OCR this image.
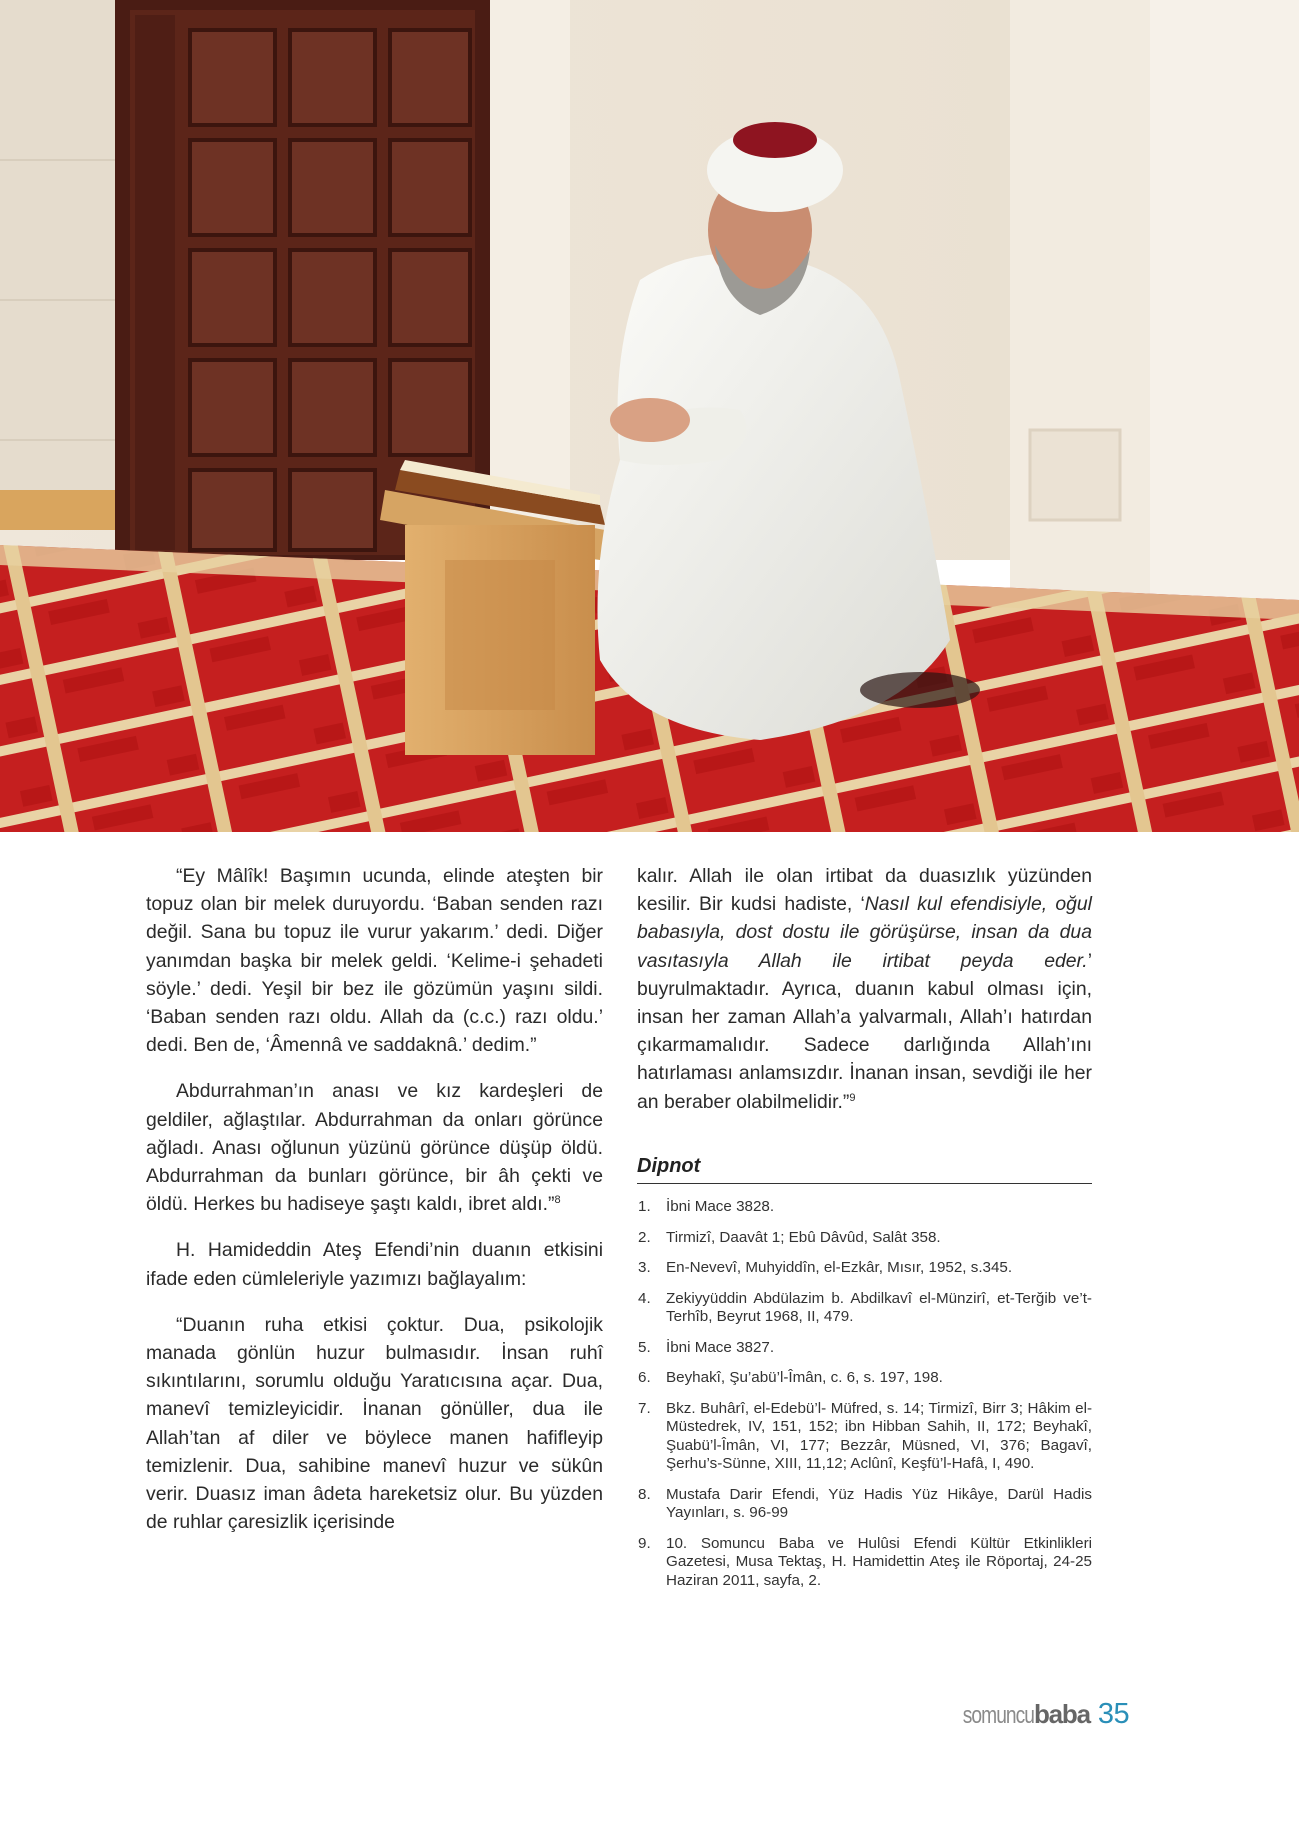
“Ey Mâlîk! Başımın ucunda, elinde ateşten bir topuz olan bir melek duruyordu. ‘Baban senden razı değil. Sana bu topuz ile vurur yakarım.’ dedi. Diğer yanımdan başka bir melek geldi. ‘Kelime-i şehadeti söyle.’ dedi. Yeşil bir bez ile gözümün yaşını sildi. ‘Baban senden razı oldu. Allah da (c.c.) razı oldu.’ dedi. Ben de, ‘Âmennâ ve saddaknâ.’ dedim.”

Abdurrahman’ın anası ve kız kardeşleri de geldiler, ağlaştılar. Abdurrahman da onları görünce ağladı. Anası oğlunun yüzünü görünce düşüp öldü. Abdurrahman da bunları görünce, bir âh çekti ve öldü. Herkes bu hadiseye şaştı kaldı, ibret aldı.”$^8$

H. Hamideddin Ateş Efendi’nin duanın etkisini ifade eden cümleleriyle yazımızı bağlayalım:

“Duanın ruha etkisi çoktur. Dua, psikolojik manada gönlün huzur bulmasıdır. İnsan ruhî sıkıntılarını, sorumlu olduğu Yaratıcısına açar. Dua, manevî temizleyicidir. İnanan gönüller, dua ile Allah’tan af diler ve böylece manen hafifleyip temizlenir. Dua, sahibine manevî huzur ve sükûn verir. Duasız iman âdeta hareketsiz olur. Bu yüzden de ruhlar çaresizlik içerisinde

kalır. Allah ile olan irtibat da duasızlık yüzünden kesilir. Bir kudsi hadiste, ‘Nasıl kul efendisiyle, oğul babasıyla, dost dostu ile görüşürse, insan da dua vasıtasıyla Allah ile irtibat peyda eder.’ buyrulmaktadır. Ayrıca, duanın kabul olması için, insan her zaman Allah’a yalvarmalı, Allah’ı hatırdan çıkarmamalıdır. Sadece darlığında Allah’ını hatırlaması anlamsızdır. İnanan insan, sevdiği ile her an beraber olabilmelidir.”$^9$

Dipnot
1. İbni Mace 3828.
2. Tirmizî, Daavât 1; Ebû Dâvûd, Salât 358.
3. En-Nevevî, Muhyiddîn, el-Ezkâr, Mısır, 1952, s.345.
4. Zekiyyüddin Abdülazim b. Abdilkavî el-Münzirî, et-Terğib ve’t-Terhîb, Beyrut 1968, II, 479.
5. İbni Mace 3827.
6. Beyhakî, Şu’abü’l-Îmân, c. 6, s. 197, 198.
7. Bkz. Buhârî, el-Edebü’l- Müfred, s. 14; Tirmizî, Birr 3; Hâkim el-Müstedrek, IV, 151, 152; ibn Hibban Sahih, II, 172; Beyhakî, Şuabü’l-Îmân, VI, 177; Bezzâr, Müsned, VI, 376; Bagavî, Şerhu’s-Sünne, XIII, 11,12; Aclûnî, Keşfü’l-Hafâ, I, 490.
8. Mustafa Darir Efendi, Yüz Hadis Yüz Hikâye, Darül Hadis Yayınları, s. 96-99
9. 10. Somuncu Baba ve Hulûsi Efendi Kültür Etkinlikleri Gazetesi, Musa Tektaş, H. Hamidettin Ateş ile Röportaj, 24-25 Haziran 2011, sayfa, 2.
somuncu baba 35
